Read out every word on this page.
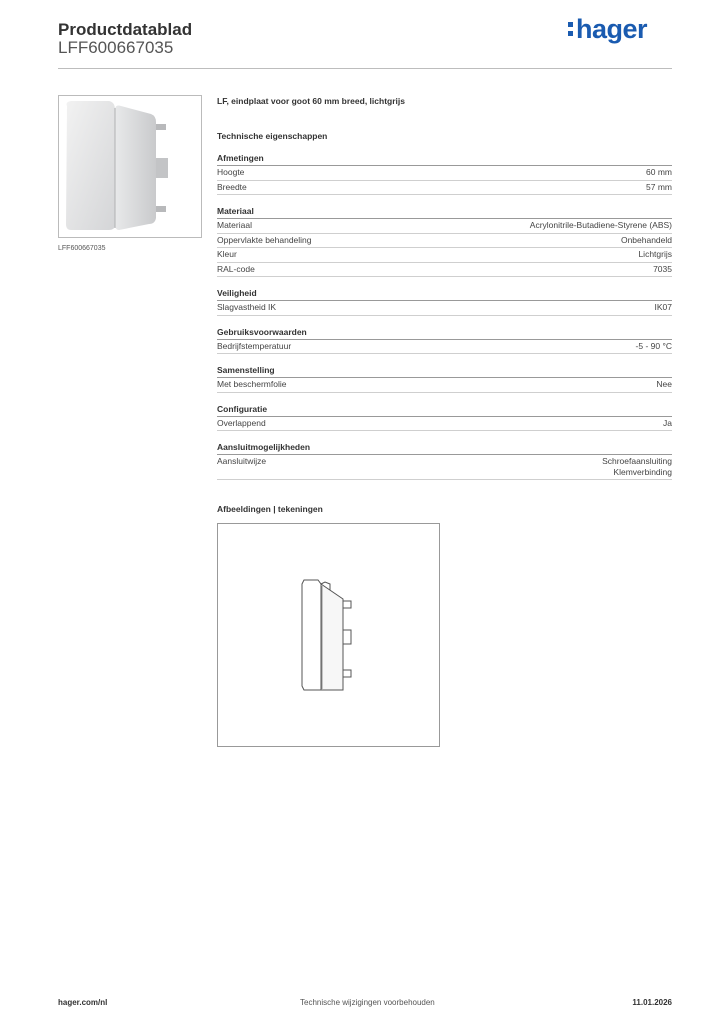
Productdatablad
LFF600667035
hager
LFF600667035
LF, eindplaat voor goot 60 mm breed, lichtgrijs
Technische eigenschappen
Afmetingen
Hoogte	60 mm
Breedte	57 mm
Materiaal
Materiaal	Acrylonitrile-Butadiene-Styrene (ABS)
Oppervlakte behandeling	Onbehandeld
Kleur	Lichtgrijs
RAL-code	7035
Veiligheid
Slagvastheid IK	IK07
Gebruiksvoorwaarden
Bedrijfstemperatuur	-5 - 90 °C
Samenstelling
Met beschermfolie	Nee
Configuratie
Overlappend	Ja
Aansluitmogelijkheden
Aansluitwijze	Schroefaansluiting
Klemverbinding
Afbeeldingen | tekeningen
hager.com/nl	Technische wijzigingen voorbehouden	11.01.2026
